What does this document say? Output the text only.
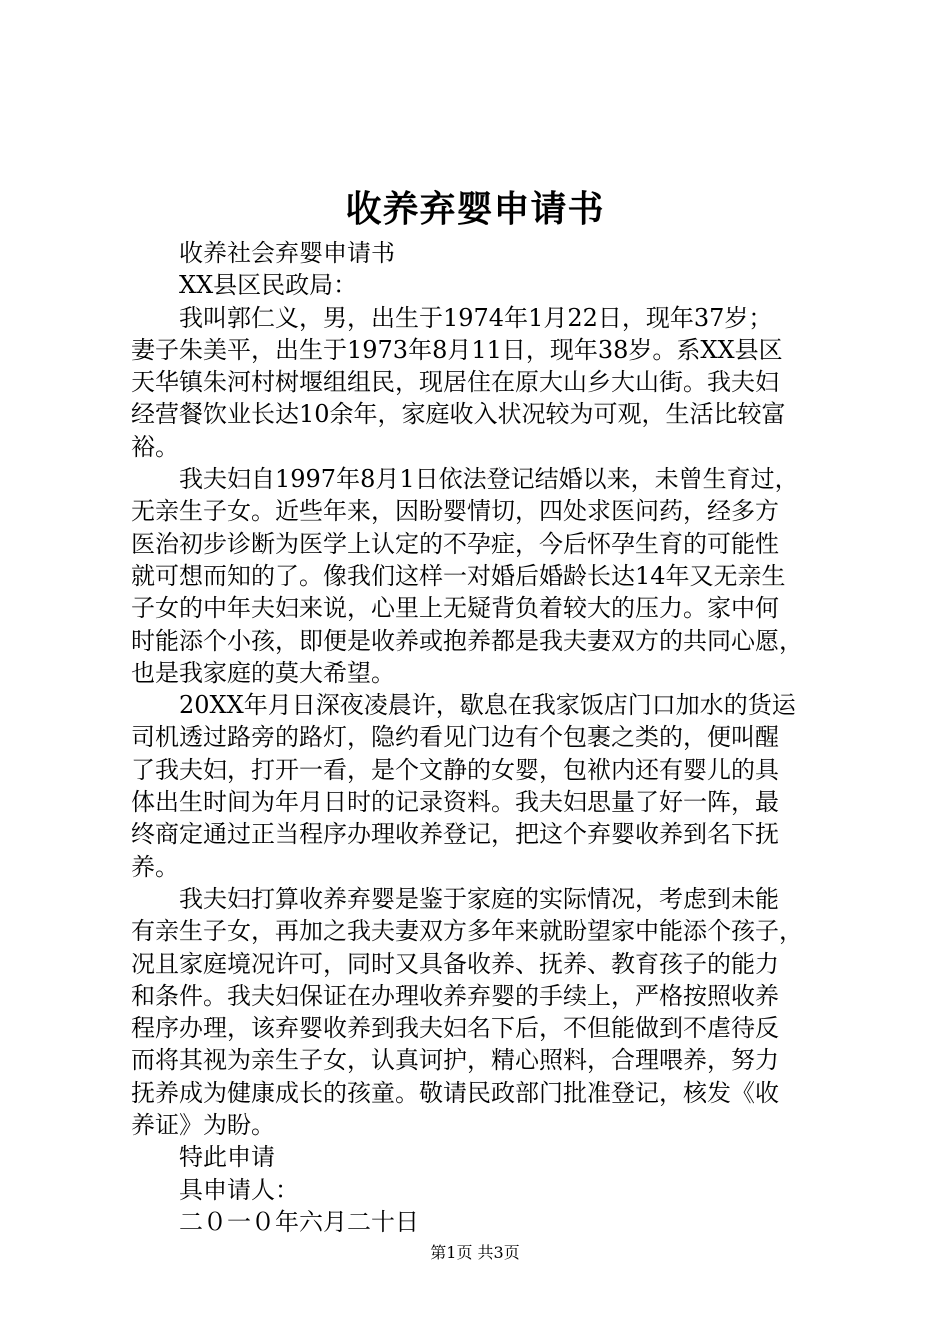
收养弃婴申请书
收养社会弃婴申请书
XX县区民政局：
我叫郭仁义，男，出生于1974年1月22日，现年37岁；
妻子朱美平，出生于1973年8月11日，现年38岁。系XX县区
天华镇朱河村树堰组组民，现居住在原大山乡大山街。我夫妇
经营餐饮业长达10余年，家庭收入状况较为可观，生活比较富
裕。
我夫妇自1997年8月1日依法登记结婚以来，未曾生育过，
无亲生子女。近些年来，因盼婴情切，四处求医问药，经多方
医治初步诊断为医学上认定的不孕症，今后怀孕生育的可能性
就可想而知的了。像我们这样一对婚后婚龄长达14年又无亲生
子女的中年夫妇来说，心里上无疑背负着较大的压力。家中何
时能添个小孩，即便是收养或抱养都是我夫妻双方的共同心愿，
也是我家庭的莫大希望。
20XX年月日深夜凌晨许，歇息在我家饭店门口加水的货运
司机透过路旁的路灯，隐约看见门边有个包裹之类的，便叫醒
了我夫妇，打开一看，是个文静的女婴，包袱内还有婴儿的具
体出生时间为年月日时的记录资料。我夫妇思量了好一阵，最
终商定通过正当程序办理收养登记，把这个弃婴收养到名下抚
养。
我夫妇打算收养弃婴是鉴于家庭的实际情况，考虑到未能
有亲生子女，再加之我夫妻双方多年来就盼望家中能添个孩子，
况且家庭境况许可，同时又具备收养、抚养、教育孩子的能力
和条件。我夫妇保证在办理收养弃婴的手续上，严格按照收养
程序办理，该弃婴收养到我夫妇名下后，不但能做到不虐待反
而将其视为亲生子女，认真诃护，精心照料，合理喂养，努力
抚养成为健康成长的孩童。敬请民政部门批准登记，核发《收
养证》为盼。
特此申请
具申请人：
二０一０年六月二十日
第1页 共3页
